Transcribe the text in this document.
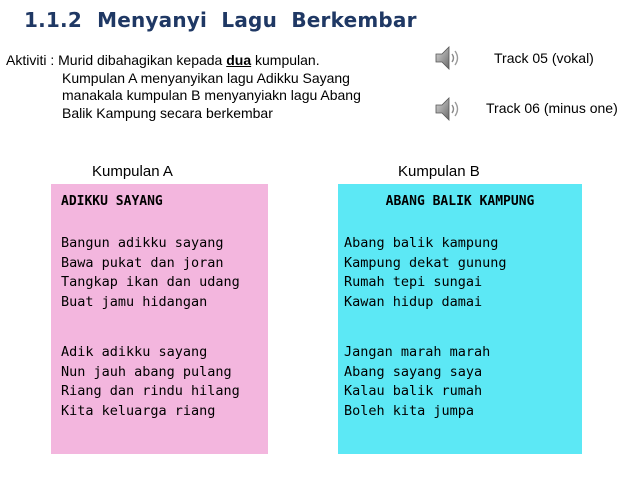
1.1.2 Menyanyi  Lagu  Berkembar
Aktiviti : Murid dibahagikan kepada dua kumpulan.
Kumpulan A menyanyikan lagu Adikku Sayang
manakala kumpulan B menyanyiakn lagu Abang
Balik Kampung secara berkembar
Track 05 (vokal)
Track 06 (minus one)
Kumpulan A	Kumpulan B
ADIKKU SAYANG
Bangun adikku sayang
Bawa pukat dan joran
Tangkap ikan dan udang
Buat jamu hidangan
Adik adikku sayang
Nun jauh abang pulang
Riang dan rindu hilang
Kita keluarga riang
ABANG BALIK KAMPUNG
Abang balik kampung
Kampung dekat gunung
Rumah tepi sungai
Kawan hidup damai
Jangan marah marah
Abang sayang saya
Kalau balik rumah
Boleh kita jumpa
